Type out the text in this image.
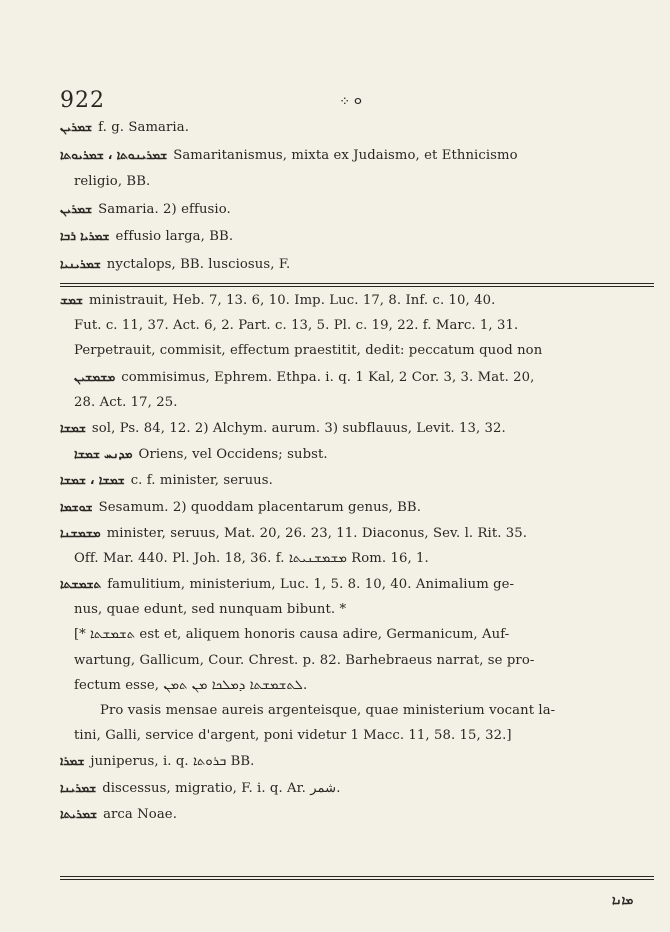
922	ܘ ܀
ܫܡܪܝܢ f. g. Samaria.
ܫܡܪܝܢܘܬܐ ، ܫܡܪܝܘܬܐ Samaritanismus, mixta ex Judaismo, et Ethnicismo
religio, BB.
ܫܡܪܝܢ Samaria. 2) effusio.
ܫܡܪܝܐ ܪܒܐ effusio larga, BB.
ܫܡܪܝܢܝܐ nyctalops, BB. lusciosus, F.
ܫܡܫ ministrauit, Heb. 7, 13. 6, 10. Imp. Luc. 17, 8. Inf. c. 10, 40.
Fut. c. 11, 37. Act. 6, 2. Part. c. 13, 5. Pl. c. 19, 22. f. Marc. 1, 31.
Perpetrauit, commisit, effectum praestitit, dedit: peccatum quod non
ܡܫܡܫܝܢ commisimus, Ephrem. Ethpa. i. q. 1 Kal, 2 Cor. 3, 3. Mat. 20,
28. Act. 17, 25.
ܫܡܫܐ sol, Ps. 84, 12. 2) Alchym. aurum. 3) subflauus, Levit. 13, 32.
ܡܕܢܚ ܫܡܫܐ Oriens, vel Occidens; subst.
ܫܡܫܐ ، ܫܡܫܐ c. f. minister, seruus.
ܫܘܫܡܐ Sesamum. 2) quoddam placentarum genus, BB.
ܡܫܡܫܢܐ minister, seruus, Mat. 20, 26. 23, 11. Diaconus, Sev. l. Rit. 35.
Off. Mar. 440. Pl. Joh. 18, 36. f. ܡܫܡܫܢܝܬܐ Rom. 16, 1.
ܬܫܡܫܬܐ famulitium, ministerium, Luc. 1, 5. 8. 10, 40. Animalium ge-
nus, quae edunt, sed nunquam bibunt. *
[* ܬܫܡܫܬܐ est et, aliquem honoris causa adire, Germanicum, Auf-
wartung, Gallicum, Cour. Chrest. p. 82. Barhebraeus narrat, se pro-
fectum esse, ܠܬܫܡܫܬܐ ܕܡܠܟܐ ܡܢ ܬܡܢ.
Pro vasis mensae aureis argenteisque, quae ministerium vocant la-
tini, Galli, service d'argent, poni videtur 1 Macc. 11, 58. 15, 32.]
ܫܡܪܐ juniperus, i. q. ܒܪܘܬܐ BB.
ܫܡܪܝܢܐ discessus, migratio, F. i. q. Ar. شمر.
ܫܡܪܝܬܐ arca Noae.
ܡܐܢܐ
